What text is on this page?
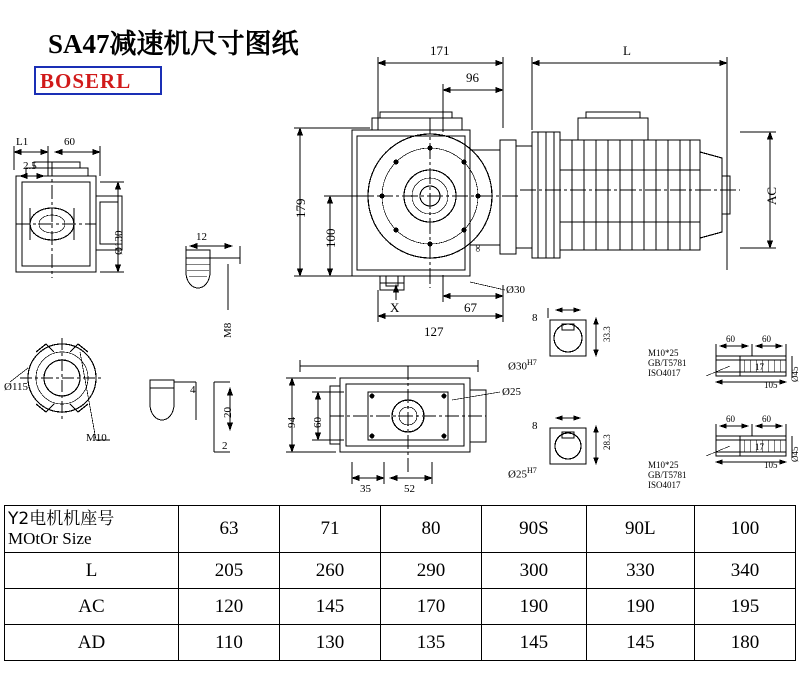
SA47减速机尺寸图纸
BOSERL
171	L
96
179
100
AC
67
127
X
Ø30
∞
L1	60
2.5
Ø130	12
M8
Ø115
M10
4
20
2
94 60
35	52
Ø25
8
33.3
$Ø30^{H7}$
8
28.3
$Ø25^{H7}$
60	60
17
105
Ø45
M10*25
GB/T5781
ISO4017
60	60
17
105
Ø45
M10*25
GB/T5781
ISO4017
Y2电机机座号
MOtOr Size	63	71	80	90S	90L	100
L	205	260	290	300	330	340
AC	120	145	170	190	190	195
AD	110	130	135	145	145	180
